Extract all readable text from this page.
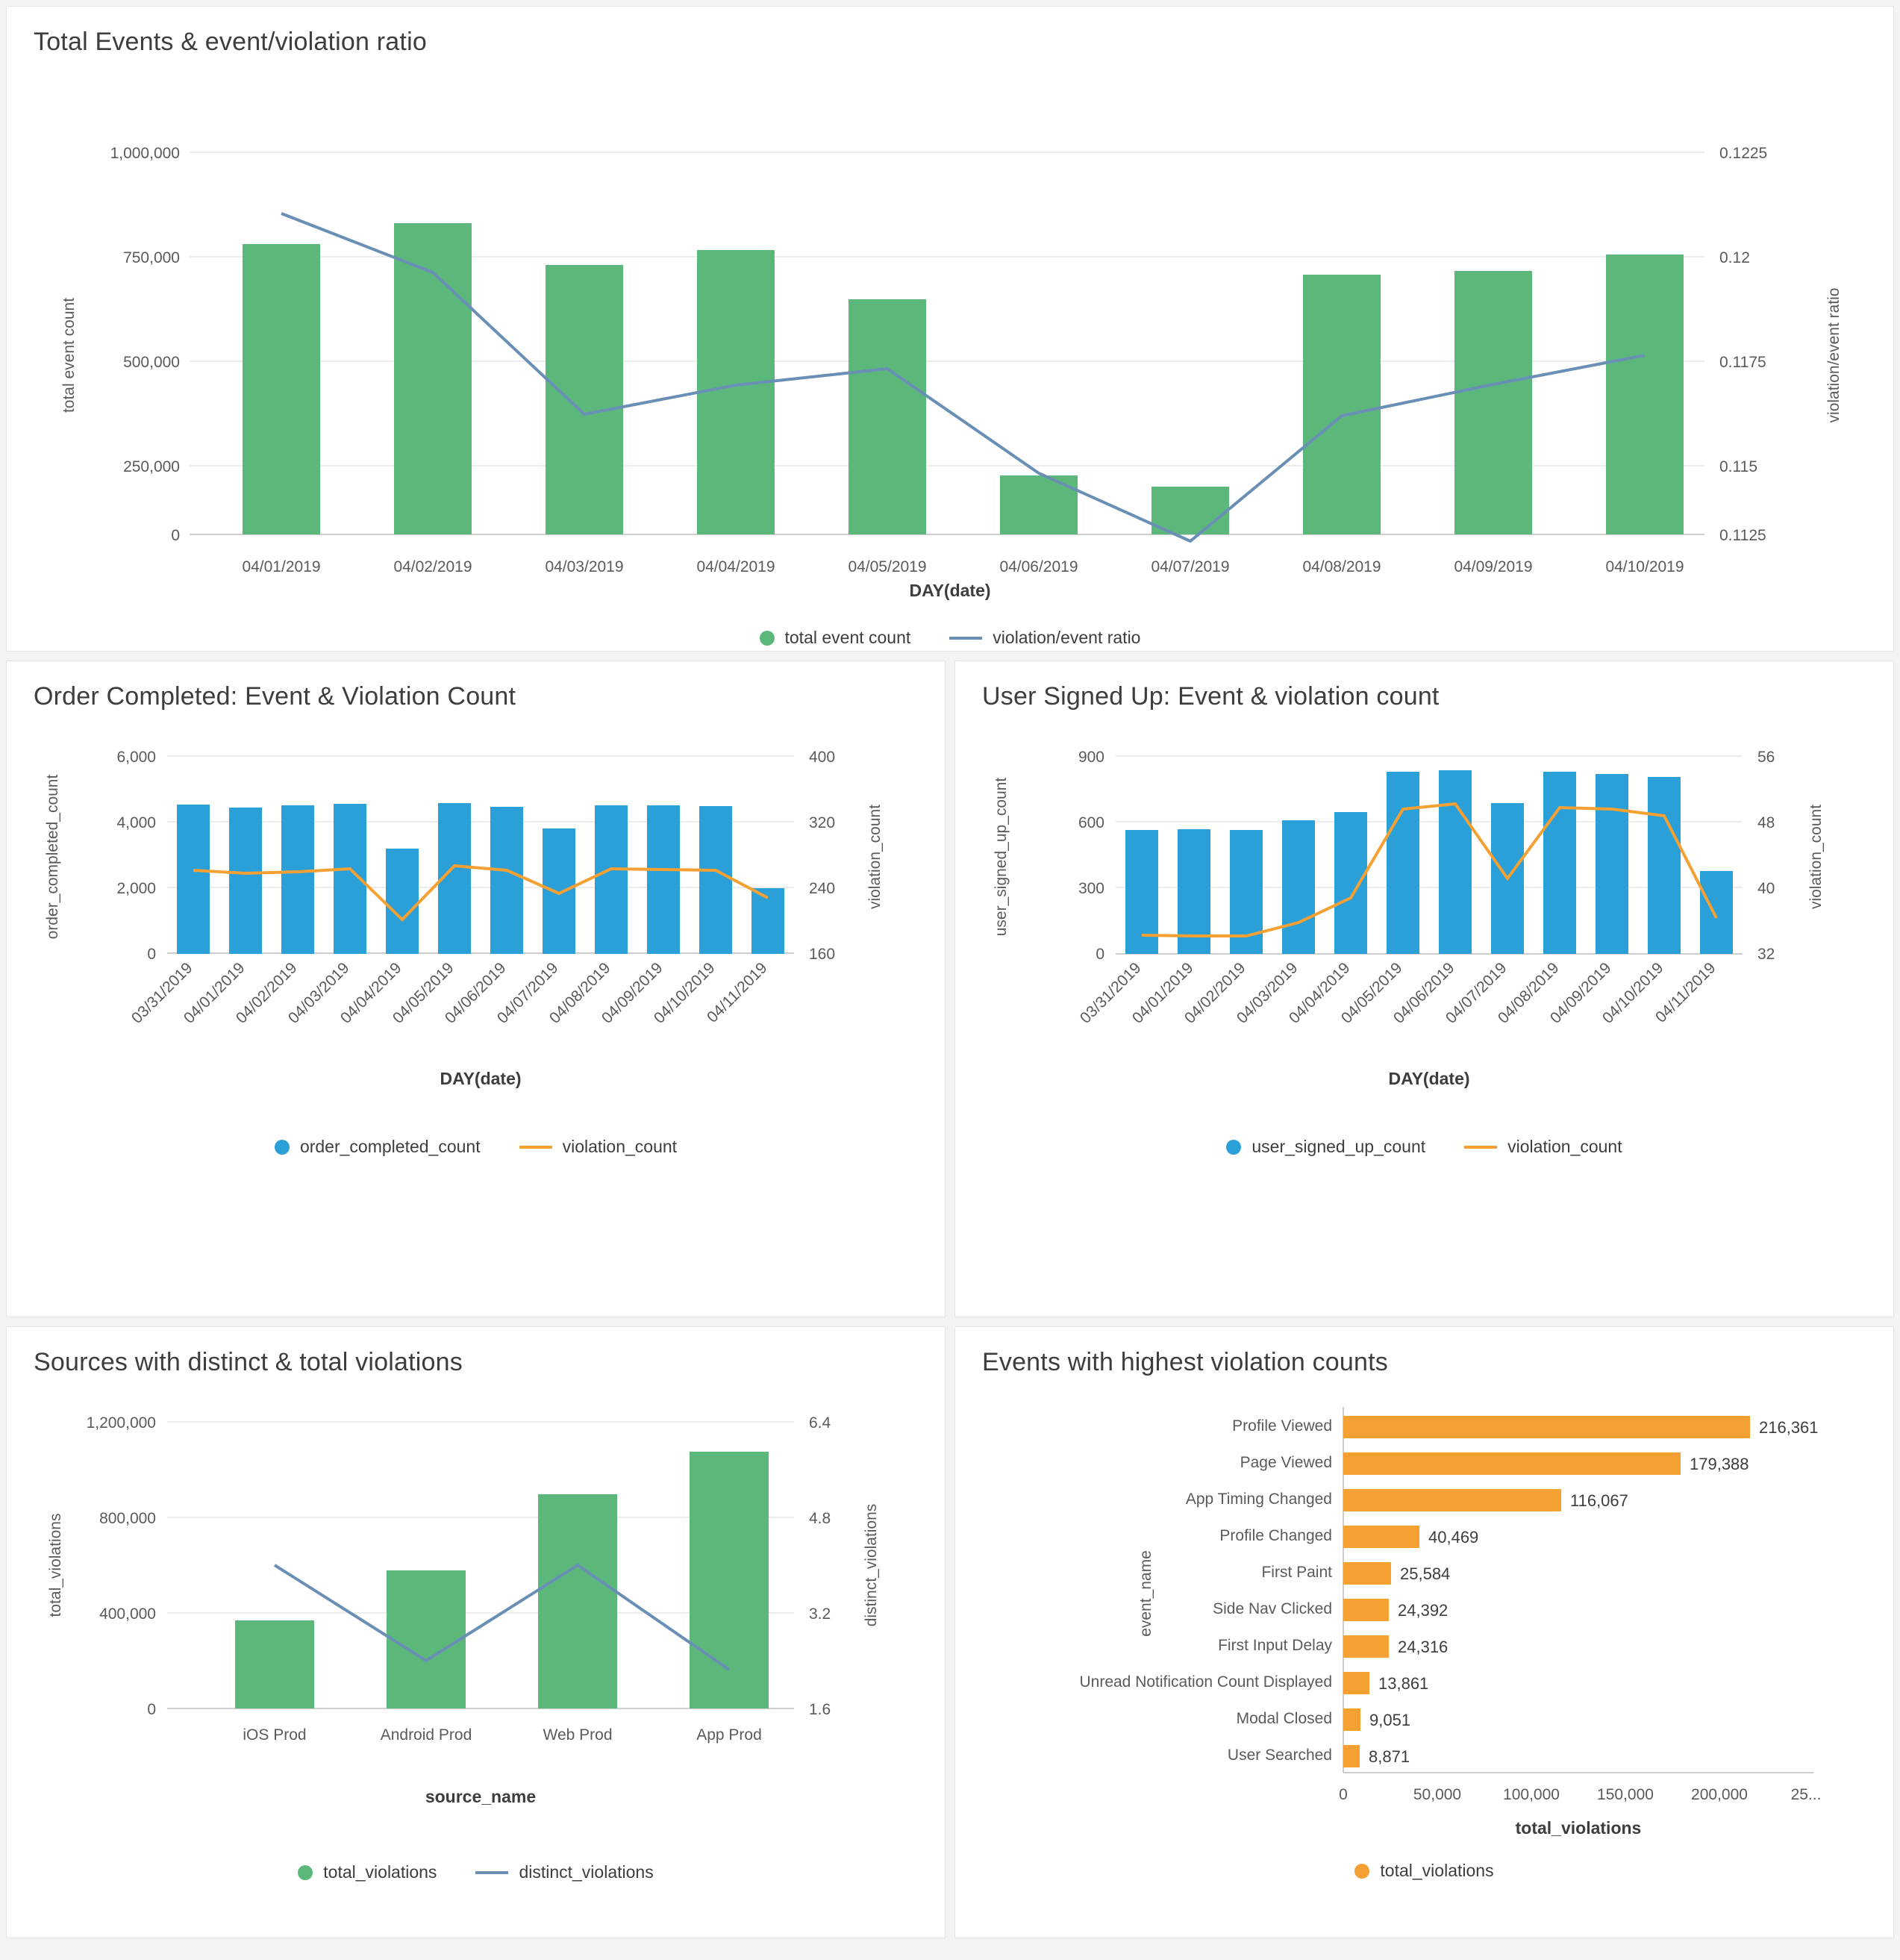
Total Events & event/violation ratio
1,000,000
750,000
500,000
250,000
0
total event count
0.1225
0.12
0.1175
0.115
0.1125
violation/event ratio
04/01/2019	04/02/2019	04/03/2019	04/04/2019	04/05/2019	04/06/2019	04/07/2019	04/08/2019	04/09/2019	04/10/2019
DAY(date)
total event count	violation/event ratio
Order Completed: Event & Violation Count
6,000
4,000
2,000
0
order_completed_count
400
320
240
160
violation_count
03/31/2019
04/01/2019
04/02/2019
04/03/2019
04/04/2019
04/05/2019
04/06/2019
04/07/2019
04/08/2019
04/09/2019
04/10/2019
04/11/2019
DAY(date)
order_completed_count	violation_count
User Signed Up: Event & violation count
900
600
300
0
user_signed_up_count
56
48
40
32
violation_count
03/31/2019
04/01/2019
04/02/2019
04/03/2019
04/04/2019
04/05/2019
04/06/2019
04/07/2019
04/08/2019
04/09/2019
04/10/2019
04/11/2019
DAY(date)
user_signed_up_count	violation_count
Sources with distinct & total violations
1,200,000
800,000
400,000
0
total_violations
6.4
4.8
3.2
1.6
distinct_violations
iOS Prod	Android Prod	Web Prod	App Prod
source_name
total_violations	distinct_violations
Events with highest violation counts
Profile Viewed
Page Viewed
App Timing Changed
Profile Changed
First Paint
Side Nav Clicked
First Input Delay
Unread Notification Count Displayed
Modal Closed
User Searched
event_name
216,361
179,388
116,067
40,469
25,584
24,392
24,316
13,861
9,051
8,871
0	50,000	100,000 150,000 200,000	25...
total_violations
total_violations
